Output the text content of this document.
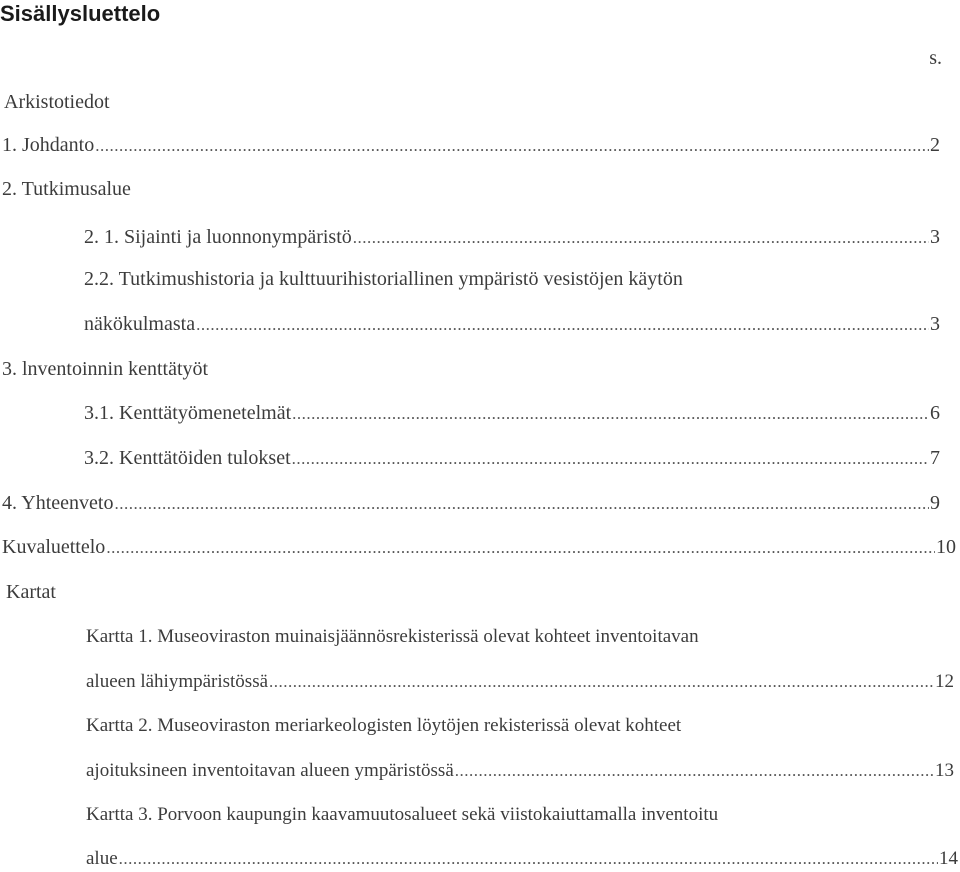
Sisällysluettelo
s.
Arkistotiedot
1. Johdanto .....	2
2. Tutkimusalue
2. 1. Sijainti ja luonnonympäristö .....	3
2.2. Tutkimushistoria ja kulttuurihistoriallinen ympäristö vesistöjen käytön
näkökulmasta .....	3
3. lnventoinnin kenttätyöt
3.1. Kenttätyömenetelmät .....	6
3.2. Kenttätöiden tulokset .....	7
4. Yhteenveto .....	9
Kuvaluettelo .....	10
Kartat
Kartta 1. Museoviraston muinaisjäännösrekisterissä olevat kohteet inventoitavan
alueen lähiympäristössä .....	12
Kartta 2. Museoviraston meriarkeologisten löytöjen rekisterissä olevat kohteet
ajoituksineen inventoitavan alueen ympäristössä .....	13
Kartta 3. Porvoon kaupungin kaavamuutosalueet sekä viistokaiuttamalla inventoitu
alue .....	14
